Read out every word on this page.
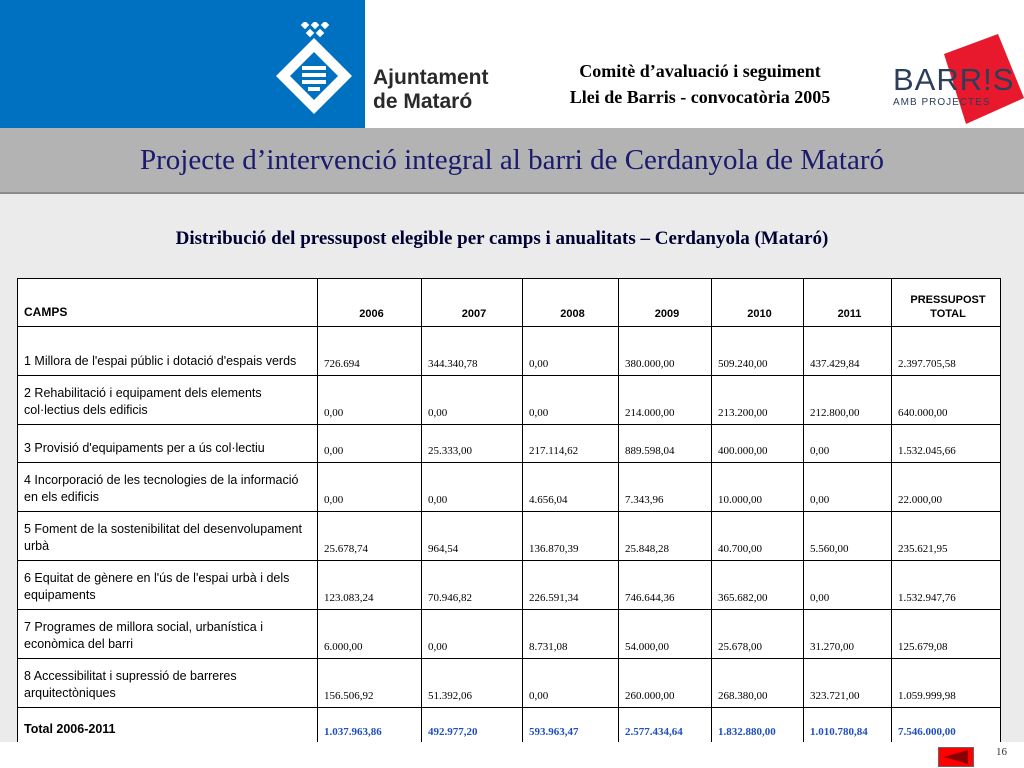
Ajuntament
de Mataró
Comitè d’avaluació i seguiment
Llei de Barris - convocatòria 2005	BARR!S
AMB PROJECTES
Projecte d’intervenció integral al barri de Cerdanyola de Mataró
Distribució del pressupost elegible per camps i anualitats – Cerdanyola (Mataró)
CAMPS	2006	2007	2008	2009	2010	2011	PRESSUPOST
TOTAL
1 Millora de l'espai públic i dotació d'espais verds	726.694	344.340,78	0,00	380.000,00	509.240,00	437.429,84	2.397.705,58
2 Rehabilitació i equipament dels elements col·lectius dels edificis	0,00	0,00	0,00	214.000,00	213.200,00	212.800,00	640.000,00
3 Provisió d'equipaments per a ús col·lectiu	0,00	25.333,00	217.114,62	889.598,04	400.000,00	0,00	1.532.045,66
4 Incorporació de les tecnologies de la informació en els edificis	0,00	0,00	4.656,04	7.343,96	10.000,00	0,00	22.000,00
5 Foment de la sostenibilitat del desenvolupament urbà	25.678,74	964,54	136.870,39	25.848,28	40.700,00	5.560,00	235.621,95
6 Equitat de gènere en l'ús de l'espai urbà i dels equipaments	123.083,24	70.946,82	226.591,34	746.644,36	365.682,00	0,00	1.532.947,76
7 Programes de millora social, urbanística i econòmica del barri	6.000,00	0,00	8.731,08	54.000,00	25.678,00	31.270,00	125.679,08
8 Accessibilitat i supressió de barreres arquitectòniques	156.506,92	51.392,06	0,00	260.000,00	268.380,00	323.721,00	1.059.999,98
Total 2006-2011	1.037.963,86	492.977,20	593.963,47	2.577.434,64	1.832.880,00	1.010.780,84	7.546.000,00
16
